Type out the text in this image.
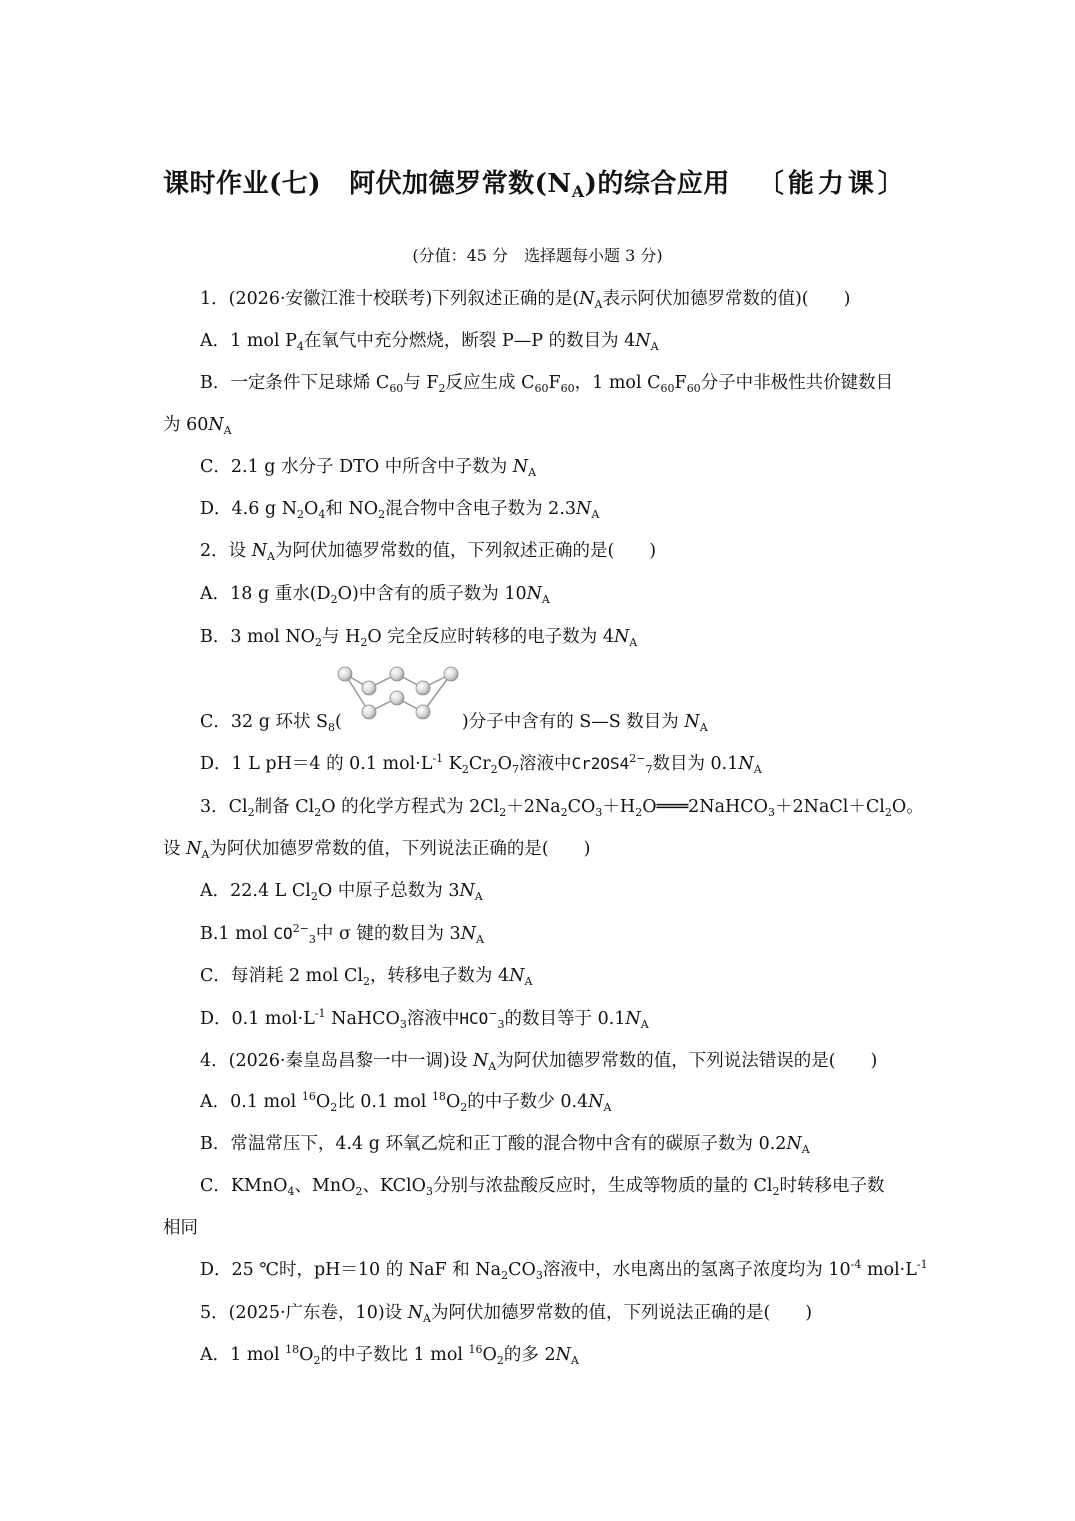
课时作业(七) 阿伏加德罗常数$(N_A)$的综合应用 〔能力课〕
(分值：45 分　选择题每小题 3 分)
1．(2026·安徽江淮十校联考)下列叙述正确的是($N_A$表示阿伏加德罗常数的值)(　　)
A．1 mol $P_4$在氧气中充分燃烧，断裂 P—P 的数目为 $4N_A$
B．一定条件下足球烯 $C_{60}$与 $F_2$反应生成 $C_{60}F_{60}$，1 mol $C_{60}F_{60}$分子中非极性共价键数目
为 $60N_A$
C．2.1 g 水分子 DTO 中所含中子数为 $N_A$
D．4.6 g $N_2O_4$和 $NO_2$混合物中含电子数为 $2.3N_A$
2．设 $N_A$为阿伏加德罗常数的值，下列叙述正确的是(　　)
A．18 g 重水$(D_2O)$中含有的质子数为 $10N_A$
B．3 mol $NO_2$与 $H_2O$ 完全反应时转移的电子数为 $4N_A$
C．32 g 环状 $S_8$(	)分子中含有的 S—S 数目为 $N_A$
D．1 L pH＝4 的 0.1 $mol\cdot L^{-1}$ $K_2Cr_2O_7$溶液中$Cr2OS4^{2-}_7$数目为 $0.1N_A$
3．$Cl_2$制备 $Cl_2O$ 的化学方程式为 $2Cl_2+2Na_2CO_3+H_2O═══2NaHCO_3+2NaCl+Cl_2O$。
设 $N_A$为阿伏加德罗常数的值，下列说法正确的是(　　)
A．22.4 L $Cl_2O$ 中原子总数为 $3N_A$
B.1 mol $CO^{2-}_3$中 σ 键的数目为 $3N_A$
C．每消耗 2 mol $Cl_2$，转移电子数为 $4N_A$
D．0.1 $mol\cdot L^{-1}$ NaHCO$_3$溶液中$HCO^-_3$的数目等于 $0.1N_A$
4．(2026·秦皇岛昌黎一中一调)设 $N_A$为阿伏加德罗常数的值，下列说法错误的是(　　)
A．0.1 mol $^{16}O_2$比 0.1 mol $^{18}O_2$的中子数少 $0.4N_A$
B．常温常压下，4.4 g 环氧乙烷和正丁酸的混合物中含有的碳原子数为 $0.2N_A$
C．KMnO$_4$、MnO$_2$、KClO$_3$分别与浓盐酸反应时，生成等物质的量的 $Cl_2$时转移电子数
相同
D．25 ℃时，pH＝10 的 NaF 和 $Na_2CO_3$溶液中，水电离出的氢离子浓度均为 $10^{-4}$ $mol\cdot L^{-1}$
5．(2025·广东卷，10)设 $N_A$为阿伏加德罗常数的值，下列说法正确的是(　　)
A．1 mol $^{18}O_2$的中子数比 1 mol $^{16}O_2$的多 $2N_A$
